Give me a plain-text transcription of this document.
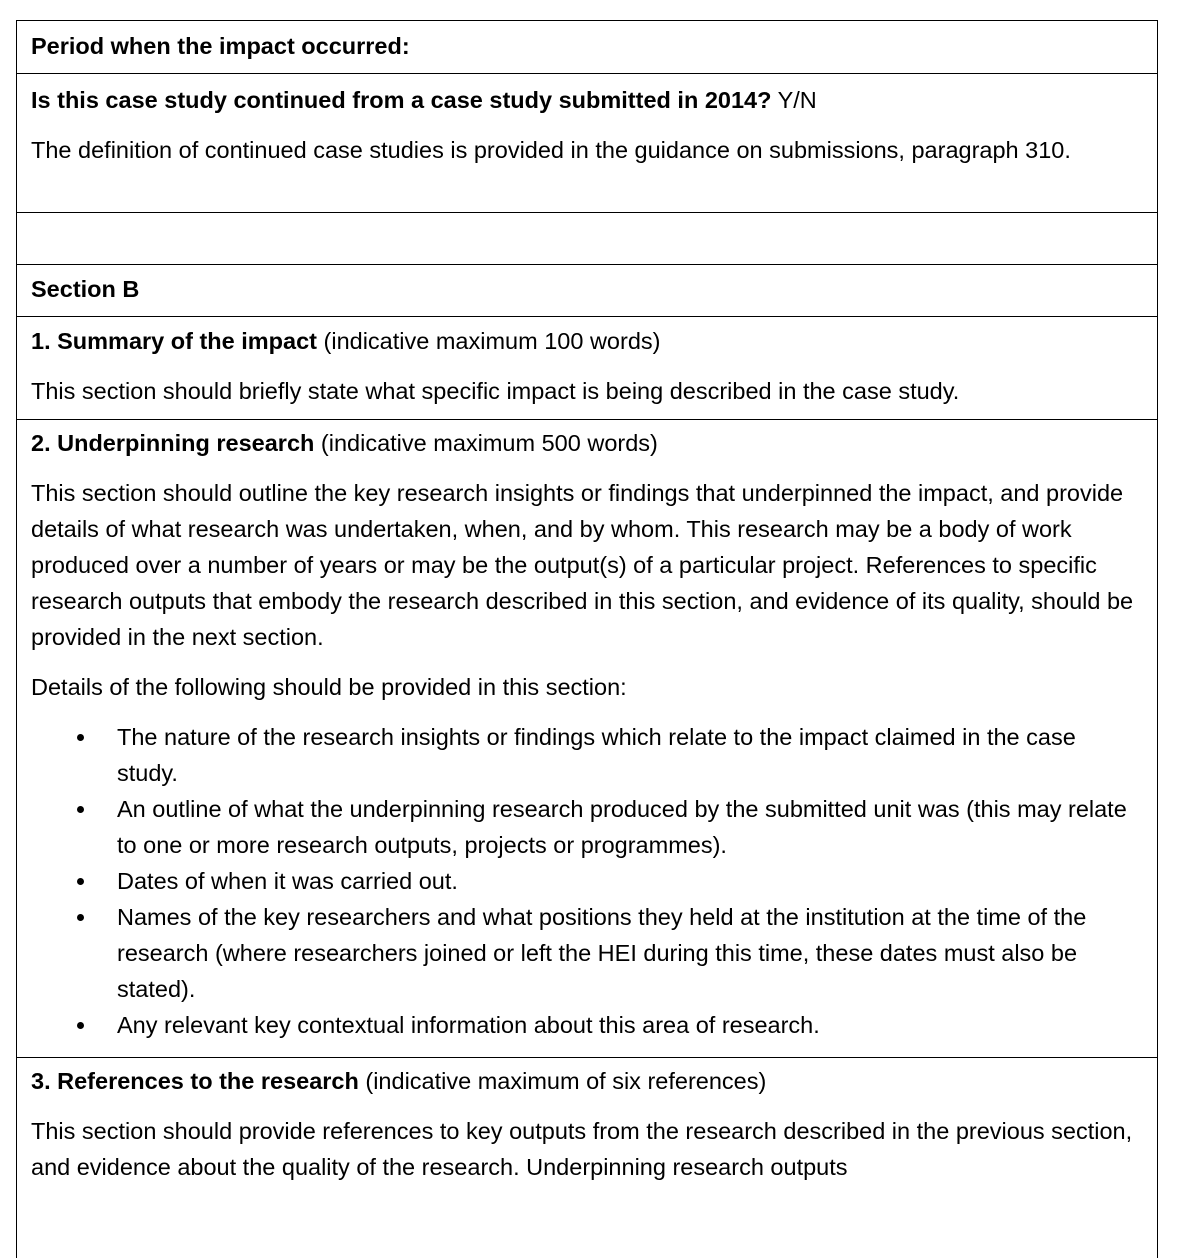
Period when the impact occurred:

Is this case study continued from a case study submitted in 2014? Y/N

The definition of continued case studies is provided in the guidance on submissions, paragraph 310.

Section B

1. Summary of the impact (indicative maximum 100 words)

This section should briefly state what specific impact is being described in the case study.

2. Underpinning research (indicative maximum 500 words)

This section should outline the key research insights or findings that underpinned the impact, and provide details of what research was undertaken, when, and by whom. This research may be a body of work produced over a number of years or may be the output(s) of a particular project. References to specific research outputs that embody the research described in this section, and evidence of its quality, should be provided in the next section.

Details of the following should be provided in this section:

The nature of the research insights or findings which relate to the impact claimed in the case study.
An outline of what the underpinning research produced by the submitted unit was (this may relate to one or more research outputs, projects or programmes).
Dates of when it was carried out.
Names of the key researchers and what positions they held at the institution at the time of the research (where researchers joined or left the HEI during this time, these dates must also be stated).
Any relevant key contextual information about this area of research.

3. References to the research (indicative maximum of six references)

This section should provide references to key outputs from the research described in the previous section, and evidence about the quality of the research. Underpinning research outputs
